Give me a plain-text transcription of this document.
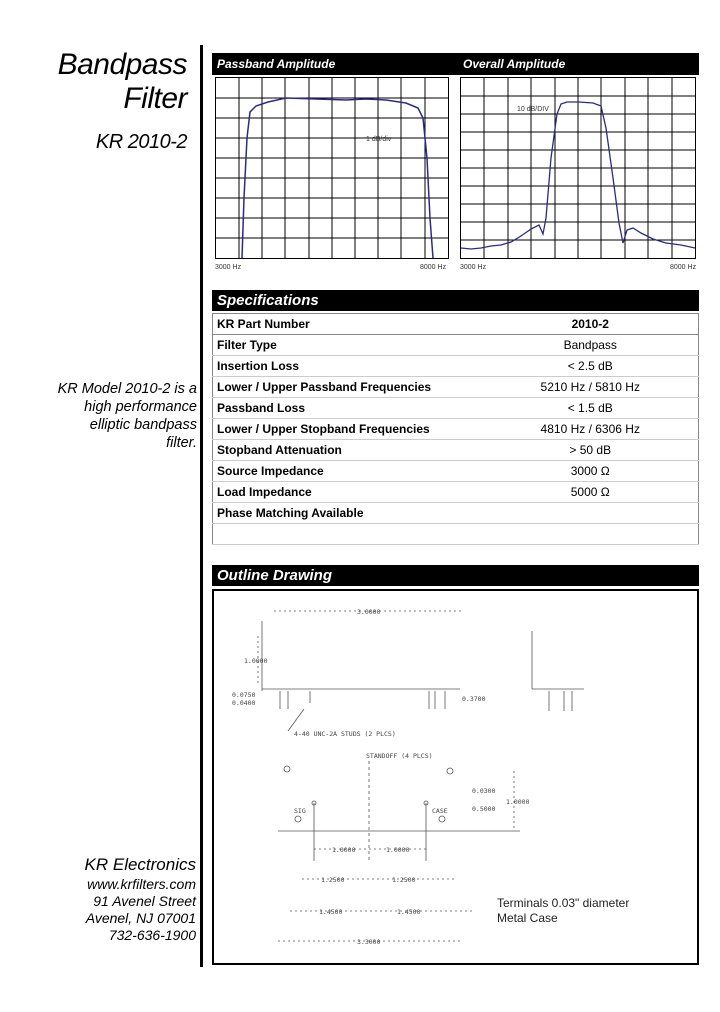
Bandpass
Filter
KR 2010-2
KR Model 2010-2 is a
high performance
elliptic bandpass
filter.
KR Electronics
www.krfilters.com
91 Avenel Street
Avenel, NJ 07001
732-636-1900
Passband Amplitude	Overall Amplitude
1 dB/div
3000 Hz	8000 Hz
10 dB/DIV
3000 Hz	8000 Hz
Specifications
KR Part Number	2010-2
Filter Type	Bandpass
Insertion Loss	< 2.5 dB
Lower / Upper Passband Frequencies	5210 Hz / 5810 Hz
Passband Loss	< 1.5 dB
Lower / Upper Stopband Frequencies	4810 Hz / 6306 Hz
Stopband Attenuation	> 50 dB
Source Impedance	3000 Ω
Load Impedance	5000 Ω
Phase Matching Available	

Outline Drawing
3.0000
1.0000
0.0750
0.0400	0.3700
4-40 UNC-2A STUDS (2 PLCS)
STANDOFF (4 PLCS)
SIG	CASE
0.0300
0.5000
1.0000
1.0000	1.0000
1.2500	1.2500
1.4500	1.4500
3.3000
Terminals 0.03" diameter
Metal Case
